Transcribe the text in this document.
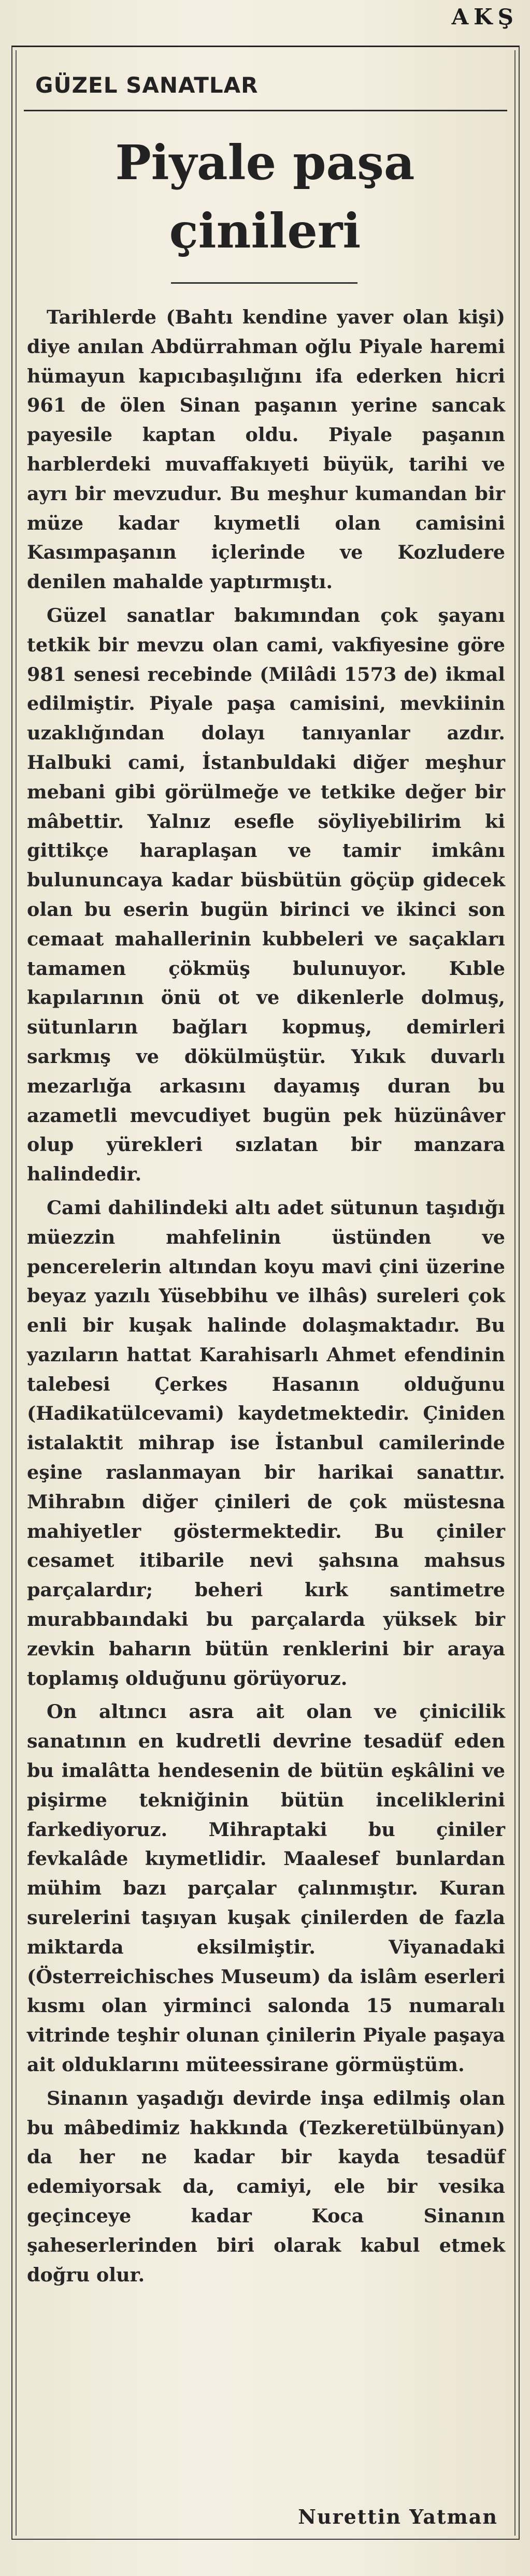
AKŞ
GÜZEL SANATLAR
Piyale paşa
çinileri

Tarihlerde (Bahtı kendine yaver olan kişi) diye anılan Abdürrahman oğlu Piyale haremi hümayun kapıcıbaşılığını ifa ederken hicri 961 de ölen Sinan paşanın yerine sancak payesile kaptan oldu. Piyale paşanın harblerdeki muvaffakıyeti büyük, tarihi ve ayrı bir mevzudur. Bu meşhur kumandan bir müze kadar kıymetli olan camisini Kasımpaşanın içlerinde ve Kozludere denilen mahalde yaptırmıştı.

Güzel sanatlar bakımından çok şayanı tetkik bir mevzu olan cami, vakfiyesine göre 981 senesi recebinde (Milâdi 1573 de) ikmal edilmiştir. Piyale paşa camisini, mevkiinin uzaklığından dolayı tanıyanlar azdır. Halbuki cami, İstanbuldaki diğer meşhur mebani gibi görülmeğe ve tetkike değer bir mâbettir. Yalnız esefle söyliyebilirim ki gittikçe haraplaşan ve tamir imkânı bulununcaya kadar büsbütün göçüp gidecek olan bu eserin bugün birinci ve ikinci son cemaat mahallerinin kubbeleri ve saçakları tamamen çökmüş bulunuyor. Kıble kapılarının önü ot ve dikenlerle dolmuş, sütunların bağları kopmuş, demirleri sarkmış ve dökülmüştür. Yıkık duvarlı mezarlığa arkasını dayamış duran bu azametli mevcudiyet bugün pek hüzünâver olup yürekleri sızlatan bir manzara halindedir.

Cami dahilindeki altı adet sütunun taşıdığı müezzin mahfelinin üstünden ve pencerelerin altından koyu mavi çini üzerine beyaz yazılı Yüsebbihu ve ilhâs) sureleri çok enli bir kuşak halinde dolaşmaktadır. Bu yazıların hattat Karahisarlı Ahmet efendinin talebesi Çerkes Hasanın olduğunu (Hadikatülcevami) kaydetmektedir. Çiniden istalaktit mihrap ise İstanbul camilerinde eşine raslanmayan bir harikai sanattır. Mihrabın diğer çinileri de çok müstesna mahiyetler göstermektedir. Bu çiniler cesamet itibarile nevi şahsına mahsus parçalardır; beheri kırk santimetre murabbaındaki bu parçalarda yüksek bir zevkin baharın bütün renklerini bir araya toplamış olduğunu görüyoruz.

On altıncı asra ait olan ve çinicilik sanatının en kudretli devrine tesadüf eden bu imalâtta hendesenin de bütün eşkâlini ve pişirme tekniğinin bütün inceliklerini farkediyoruz. Mihraptaki bu çiniler fevkalâde kıymetlidir. Maalesef bunlardan mühim bazı parçalar çalınmıştır. Kuran surelerini taşıyan kuşak çinilerden de fazla miktarda eksilmiştir. Viyanadaki (Österreichisches Museum) da islâm eserleri kısmı olan yirminci salonda 15 numaralı vitrinde teşhir olunan çinilerin Piyale paşaya ait olduklarını müteessirane görmüştüm.

Sinanın yaşadığı devirde inşa edilmiş olan bu mâbedimiz hakkında (Tezkeretülbünyan) da her ne kadar bir kayda tesadüf edemiyorsak da, camiyi, ele bir vesika geçinceye kadar Koca Sinanın şaheserlerinden biri olarak kabul etmek doğru olur.

Nurettin Yatman
